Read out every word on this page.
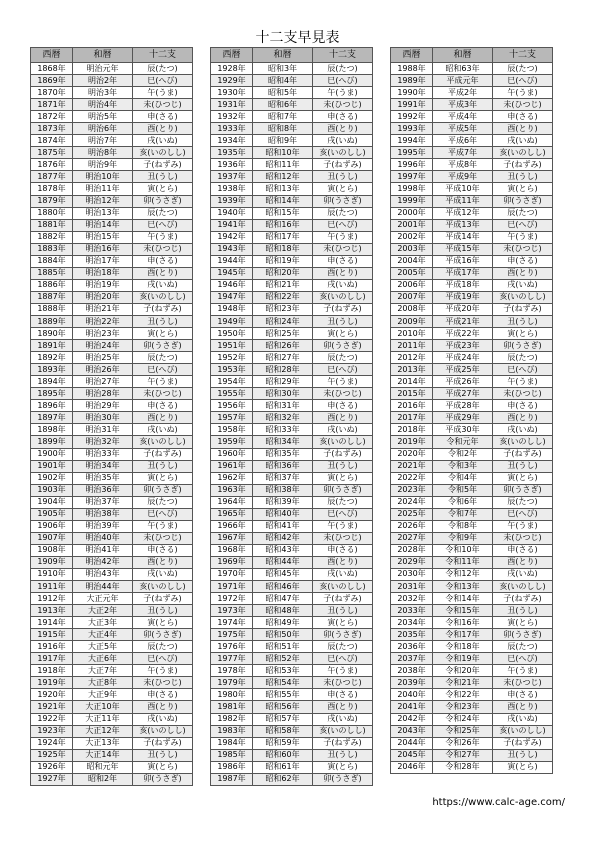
十二支早見表
西暦	和暦	十二支
1868年	明治元年	辰(たつ)
1869年	明治2年	巳(へび)
1870年	明治3年	午(うま)
1871年	明治4年	未(ひつじ)
1872年	明治5年	申(さる)
1873年	明治6年	酉(とり)
1874年	明治7年	戌(いぬ)
1875年	明治8年	亥(いのしし)
1876年	明治9年	子(ねずみ)
1877年	明治10年	丑(うし)
1878年	明治11年	寅(とら)
1879年	明治12年	卯(うさぎ)
1880年	明治13年	辰(たつ)
1881年	明治14年	巳(へび)
1882年	明治15年	午(うま)
1883年	明治16年	未(ひつじ)
1884年	明治17年	申(さる)
1885年	明治18年	酉(とり)
1886年	明治19年	戌(いぬ)
1887年	明治20年	亥(いのしし)
1888年	明治21年	子(ねずみ)
1889年	明治22年	丑(うし)
1890年	明治23年	寅(とら)
1891年	明治24年	卯(うさぎ)
1892年	明治25年	辰(たつ)
1893年	明治26年	巳(へび)
1894年	明治27年	午(うま)
1895年	明治28年	未(ひつじ)
1896年	明治29年	申(さる)
1897年	明治30年	酉(とり)
1898年	明治31年	戌(いぬ)
1899年	明治32年	亥(いのしし)
1900年	明治33年	子(ねずみ)
1901年	明治34年	丑(うし)
1902年	明治35年	寅(とら)
1903年	明治36年	卯(うさぎ)
1904年	明治37年	辰(たつ)
1905年	明治38年	巳(へび)
1906年	明治39年	午(うま)
1907年	明治40年	未(ひつじ)
1908年	明治41年	申(さる)
1909年	明治42年	酉(とり)
1910年	明治43年	戌(いぬ)
1911年	明治44年	亥(いのしし)
1912年	大正元年	子(ねずみ)
1913年	大正2年	丑(うし)
1914年	大正3年	寅(とら)
1915年	大正4年	卯(うさぎ)
1916年	大正5年	辰(たつ)
1917年	大正6年	巳(へび)
1918年	大正7年	午(うま)
1919年	大正8年	未(ひつじ)
1920年	大正9年	申(さる)
1921年	大正10年	酉(とり)
1922年	大正11年	戌(いぬ)
1923年	大正12年	亥(いのしし)
1924年	大正13年	子(ねずみ)
1925年	大正14年	丑(うし)
1926年	昭和元年	寅(とら)
1927年	昭和2年	卯(うさぎ)
西暦	和暦	十二支
1928年	昭和3年	辰(たつ)
1929年	昭和4年	巳(へび)
1930年	昭和5年	午(うま)
1931年	昭和6年	未(ひつじ)
1932年	昭和7年	申(さる)
1933年	昭和8年	酉(とり)
1934年	昭和9年	戌(いぬ)
1935年	昭和10年	亥(いのしし)
1936年	昭和11年	子(ねずみ)
1937年	昭和12年	丑(うし)
1938年	昭和13年	寅(とら)
1939年	昭和14年	卯(うさぎ)
1940年	昭和15年	辰(たつ)
1941年	昭和16年	巳(へび)
1942年	昭和17年	午(うま)
1943年	昭和18年	未(ひつじ)
1944年	昭和19年	申(さる)
1945年	昭和20年	酉(とり)
1946年	昭和21年	戌(いぬ)
1947年	昭和22年	亥(いのしし)
1948年	昭和23年	子(ねずみ)
1949年	昭和24年	丑(うし)
1950年	昭和25年	寅(とら)
1951年	昭和26年	卯(うさぎ)
1952年	昭和27年	辰(たつ)
1953年	昭和28年	巳(へび)
1954年	昭和29年	午(うま)
1955年	昭和30年	未(ひつじ)
1956年	昭和31年	申(さる)
1957年	昭和32年	酉(とり)
1958年	昭和33年	戌(いぬ)
1959年	昭和34年	亥(いのしし)
1960年	昭和35年	子(ねずみ)
1961年	昭和36年	丑(うし)
1962年	昭和37年	寅(とら)
1963年	昭和38年	卯(うさぎ)
1964年	昭和39年	辰(たつ)
1965年	昭和40年	巳(へび)
1966年	昭和41年	午(うま)
1967年	昭和42年	未(ひつじ)
1968年	昭和43年	申(さる)
1969年	昭和44年	酉(とり)
1970年	昭和45年	戌(いぬ)
1971年	昭和46年	亥(いのしし)
1972年	昭和47年	子(ねずみ)
1973年	昭和48年	丑(うし)
1974年	昭和49年	寅(とら)
1975年	昭和50年	卯(うさぎ)
1976年	昭和51年	辰(たつ)
1977年	昭和52年	巳(へび)
1978年	昭和53年	午(うま)
1979年	昭和54年	未(ひつじ)
1980年	昭和55年	申(さる)
1981年	昭和56年	酉(とり)
1982年	昭和57年	戌(いぬ)
1983年	昭和58年	亥(いのしし)
1984年	昭和59年	子(ねずみ)
1985年	昭和60年	丑(うし)
1986年	昭和61年	寅(とら)
1987年	昭和62年	卯(うさぎ)
西暦	和暦	十二支
1988年	昭和63年	辰(たつ)
1989年	平成元年	巳(へび)
1990年	平成2年	午(うま)
1991年	平成3年	未(ひつじ)
1992年	平成4年	申(さる)
1993年	平成5年	酉(とり)
1994年	平成6年	戌(いぬ)
1995年	平成7年	亥(いのしし)
1996年	平成8年	子(ねずみ)
1997年	平成9年	丑(うし)
1998年	平成10年	寅(とら)
1999年	平成11年	卯(うさぎ)
2000年	平成12年	辰(たつ)
2001年	平成13年	巳(へび)
2002年	平成14年	午(うま)
2003年	平成15年	未(ひつじ)
2004年	平成16年	申(さる)
2005年	平成17年	酉(とり)
2006年	平成18年	戌(いぬ)
2007年	平成19年	亥(いのしし)
2008年	平成20年	子(ねずみ)
2009年	平成21年	丑(うし)
2010年	平成22年	寅(とら)
2011年	平成23年	卯(うさぎ)
2012年	平成24年	辰(たつ)
2013年	平成25年	巳(へび)
2014年	平成26年	午(うま)
2015年	平成27年	未(ひつじ)
2016年	平成28年	申(さる)
2017年	平成29年	酉(とり)
2018年	平成30年	戌(いぬ)
2019年	令和元年	亥(いのしし)
2020年	令和2年	子(ねずみ)
2021年	令和3年	丑(うし)
2022年	令和4年	寅(とら)
2023年	令和5年	卯(うさぎ)
2024年	令和6年	辰(たつ)
2025年	令和7年	巳(へび)
2026年	令和8年	午(うま)
2027年	令和9年	未(ひつじ)
2028年	令和10年	申(さる)
2029年	令和11年	酉(とり)
2030年	令和12年	戌(いぬ)
2031年	令和13年	亥(いのしし)
2032年	令和14年	子(ねずみ)
2033年	令和15年	丑(うし)
2034年	令和16年	寅(とら)
2035年	令和17年	卯(うさぎ)
2036年	令和18年	辰(たつ)
2037年	令和19年	巳(へび)
2038年	令和20年	午(うま)
2039年	令和21年	未(ひつじ)
2040年	令和22年	申(さる)
2041年	令和23年	酉(とり)
2042年	令和24年	戌(いぬ)
2043年	令和25年	亥(いのしし)
2044年	令和26年	子(ねずみ)
2045年	令和27年	丑(うし)
2046年	令和28年	寅(とら)
https://www.calc-age.com/
